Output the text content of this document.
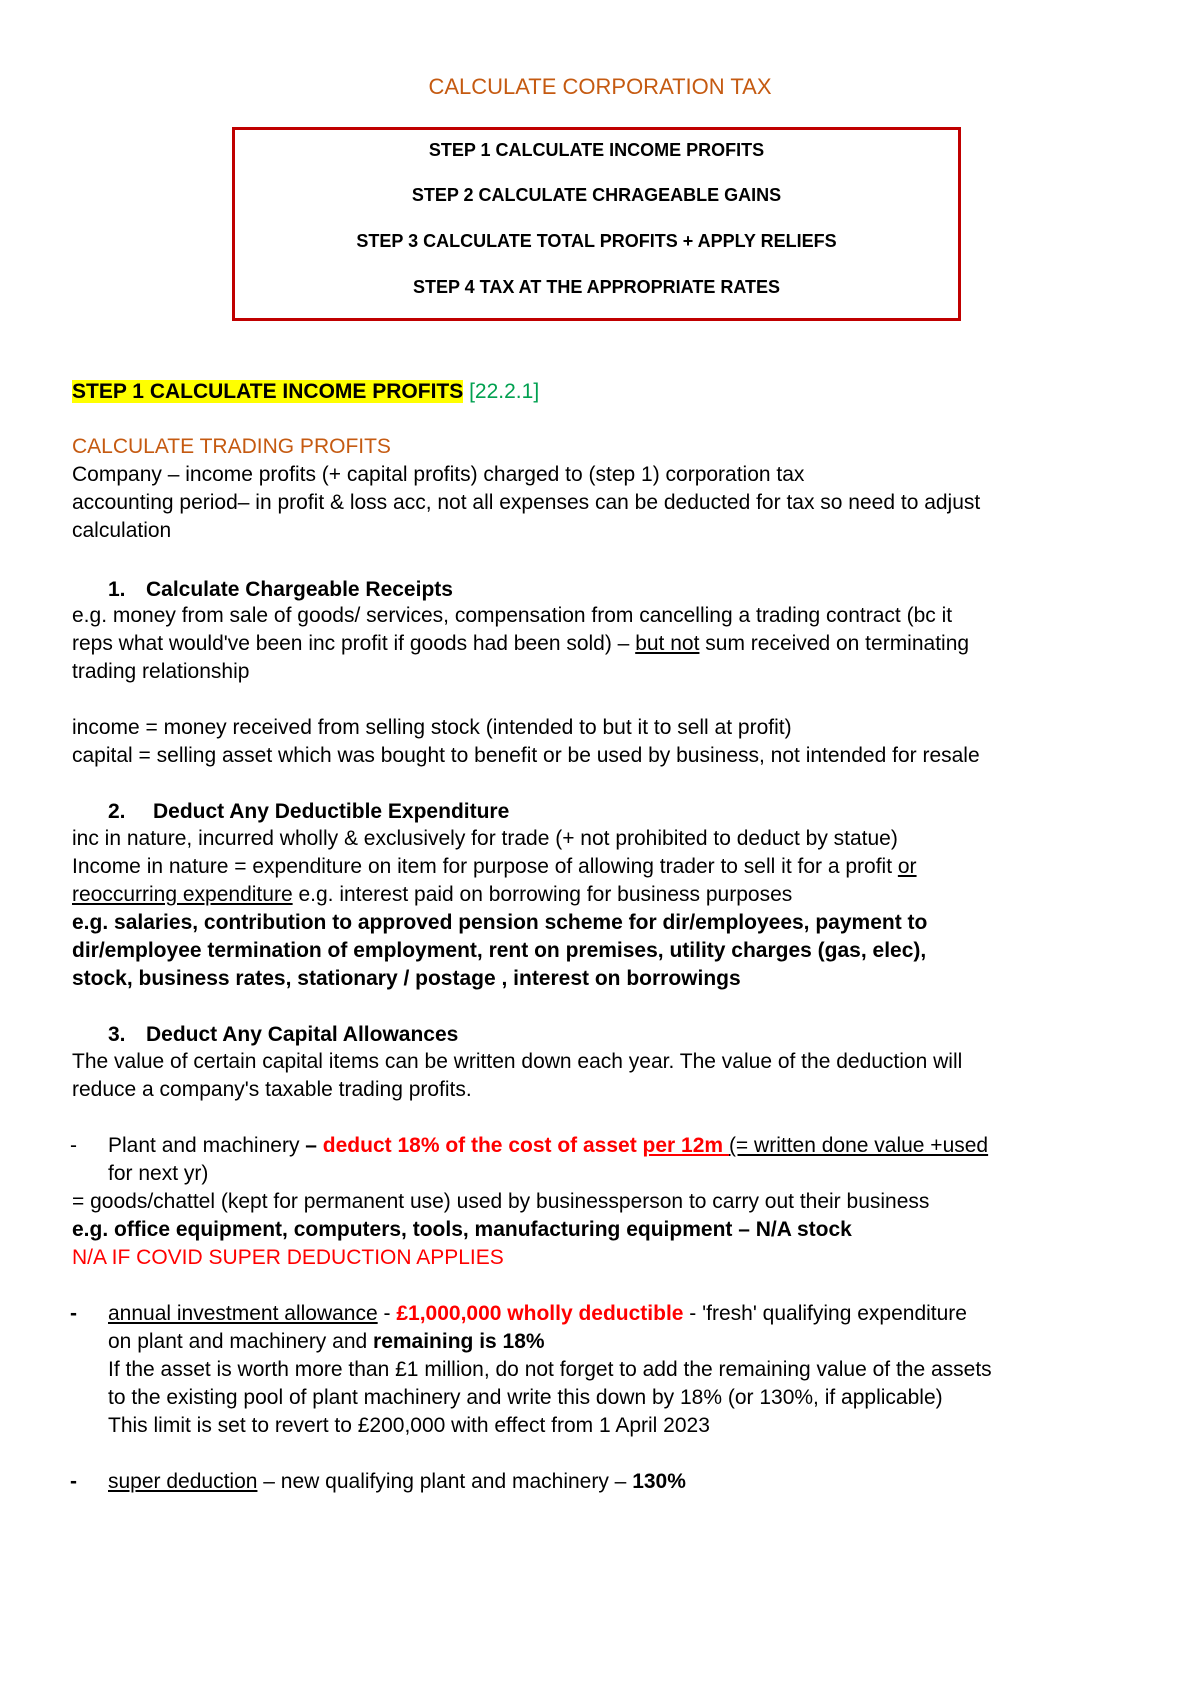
CALCULATE CORPORATION TAX
STEP 1 CALCULATE INCOME PROFITS
STEP 2 CALCULATE CHRAGEABLE GAINS
STEP 3 CALCULATE TOTAL PROFITS + APPLY RELIEFS
STEP 4 TAX AT THE APPROPRIATE RATES
STEP 1 CALCULATE INCOME PROFITS [22.2.1]
CALCULATE TRADING PROFITS
Company – income profits (+ capital profits) charged to (step 1) corporation tax
accounting period– in profit & loss acc, not all expenses can be deducted for tax so need to adjust
calculation
1. Calculate Chargeable Receipts
e.g. money from sale of goods/ services, compensation from cancelling a trading contract (bc it
reps what would've been inc profit if goods had been sold) – but not sum received on terminating
trading relationship
income = money received from selling stock (intended to but it to sell at profit)
capital = selling asset which was bought to benefit or be used by business, not intended for resale
2. Deduct Any Deductible Expenditure
inc in nature, incurred wholly & exclusively for trade (+ not prohibited to deduct by statue)
Income in nature = expenditure on item for purpose of allowing trader to sell it for a profit or
reoccurring expenditure e.g. interest paid on borrowing for business purposes
e.g. salaries, contribution to approved pension scheme for dir/employees, payment to
dir/employee termination of employment, rent on premises, utility charges (gas, elec),
stock, business rates, stationary / postage , interest on borrowings
3. Deduct Any Capital Allowances
The value of certain capital items can be written down each year. The value of the deduction will
reduce a company's taxable trading profits.
- Plant and machinery – deduct 18% of the cost of asset per 12m (= written done value +used
for next yr)
= goods/chattel (kept for permanent use) used by businessperson to carry out their business
e.g. office equipment, computers, tools, manufacturing equipment – N/A stock
N/A IF COVID SUPER DEDUCTION APPLIES
- annual investment allowance - £1,000,000 wholly deductible - 'fresh' qualifying expenditure
on plant and machinery and remaining is 18%
If the asset is worth more than £1 million, do not forget to add the remaining value of the assets
to the existing pool of plant machinery and write this down by 18% (or 130%, if applicable)
This limit is set to revert to £200,000 with effect from 1 April 2023
- super deduction – new qualifying plant and machinery – 130%
